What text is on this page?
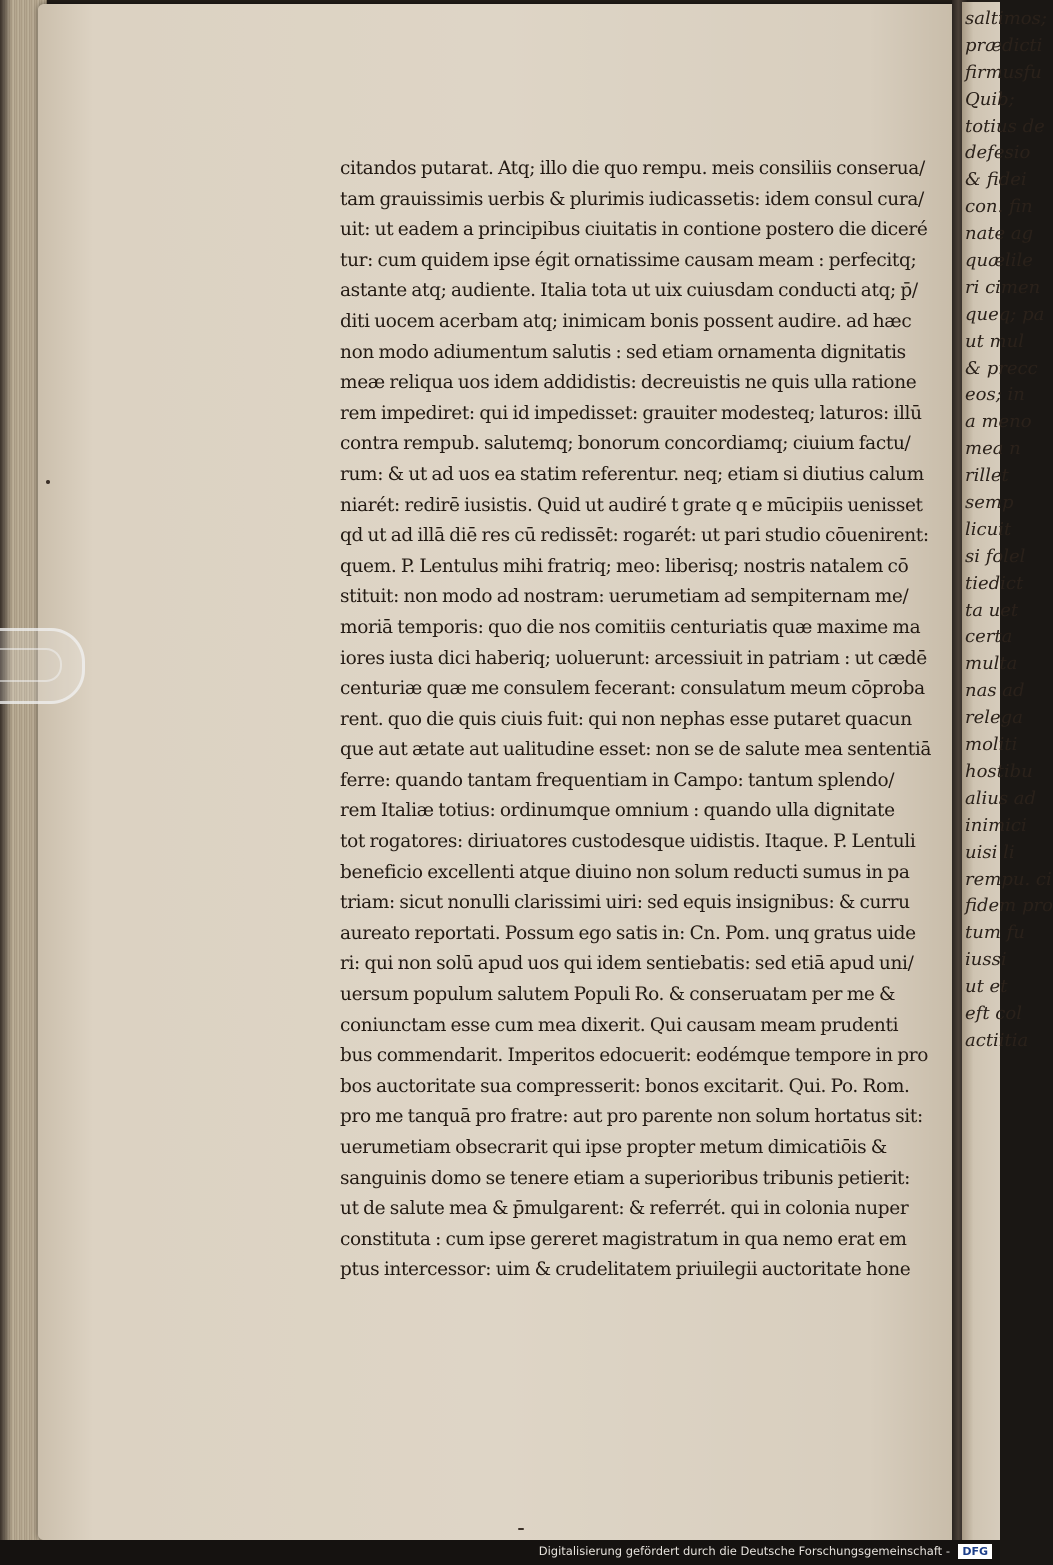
saltimos;
prædicti
firmusfu
Quib;
totius de
defesio
& fidei
con. fin
nate ag
quælile
ri cimen
queq; pa
ut mul
& precc
eos; in
a meno
mea n
rillet
semp
licuit
si folel
tiedict
ta uet
certa
multa
nas ad
relega
moliti
hostibu
alius ad
inimici
uisi li
rempu. ci
fidem pro
tum fu
iussi
ut et
eft col
actiitia
citandos putarat. Atq; illo die quo rempu. meis consiliis conserua/
tam grauissimis uerbis & plurimis iudicassetis: idem consul cura/
uit: ut eadem a principibus ciuitatis in contione postero die diceré
tur: cum quidem ipse égit ornatissime causam meam : perfecitq;
astante atq; audiente. Italia tota ut uix cuiusdam conducti atq; p̄/
diti uocem acerbam atq; inimicam bonis possent audire. ad hæc
non modo adiumentum salutis : sed etiam ornamenta dignitatis
meæ reliqua uos idem addidistis: decreuistis ne quis ulla ratione
rem impediret: qui id impedisset: grauiter modesteq; laturos: illū
contra rempub. salutemq; bonorum concordiamq; ciuium factu/
rum: & ut ad uos ea statim referentur. neq; etiam si diutius calum
niarét: redirē iusistis. Quid ut audiré t grate q e mūcipiis uenisset
qd ut ad illā diē res cū redissēt: rogarét: ut pari studio cōuenirent:
quem. P. Lentulus mihi fratriq; meo: liberisq; nostris natalem cō
stituit: non modo ad nostram: uerumetiam ad sempiternam me/
moriā temporis: quo die nos comitiis centuriatis quæ maxime ma
iores iusta dici haberiq; uoluerunt: arcessiuit in patriam : ut cædē
centuriæ quæ me consulem fecerant: consulatum meum cōproba
rent. quo die quis ciuis fuit: qui non nephas esse putaret quacun
que aut ætate aut ualitudine esset: non se de salute mea sententiā
ferre: quando tantam frequentiam in Campo: tantum splendo/
rem Italiæ totius: ordinumque omnium : quando ulla dignitate
tot rogatores: diriuatores custodesque uidistis. Itaque. P. Lentuli
beneficio excellenti atque diuino non solum reducti sumus in pa
triam: sicut nonulli clarissimi uiri: sed equis insignibus: & curru
aureato reportati. Possum ego satis in: Cn. Pom. unq gratus uide
ri: qui non solū apud uos qui idem sentiebatis: sed etiā apud uni/
uersum populum salutem Populi Ro. & conseruatam per me &
coniunctam esse cum mea dixerit. Qui causam meam prudenti
bus commendarit. Imperitos edocuerit: eodémque tempore in pro
bos auctoritate sua compresserit: bonos excitarit. Qui. Po. Rom.
pro me tanquā pro fratre: aut pro parente non solum hortatus sit:
uerumetiam obsecrarit qui ipse propter metum dimicatiōis &
sanguinis domo se tenere etiam a superioribus tribunis petierit:
ut de salute mea & p̄mulgarent: & referrét. qui in colonia nuper
constituta : cum ipse gereret magistratum in qua nemo erat em
ptus intercessor: uim & crudelitatem priuilegii auctoritate hone
Digitalisierung gefördert durch die Deutsche Forschungsgemeinschaft -	DFG
